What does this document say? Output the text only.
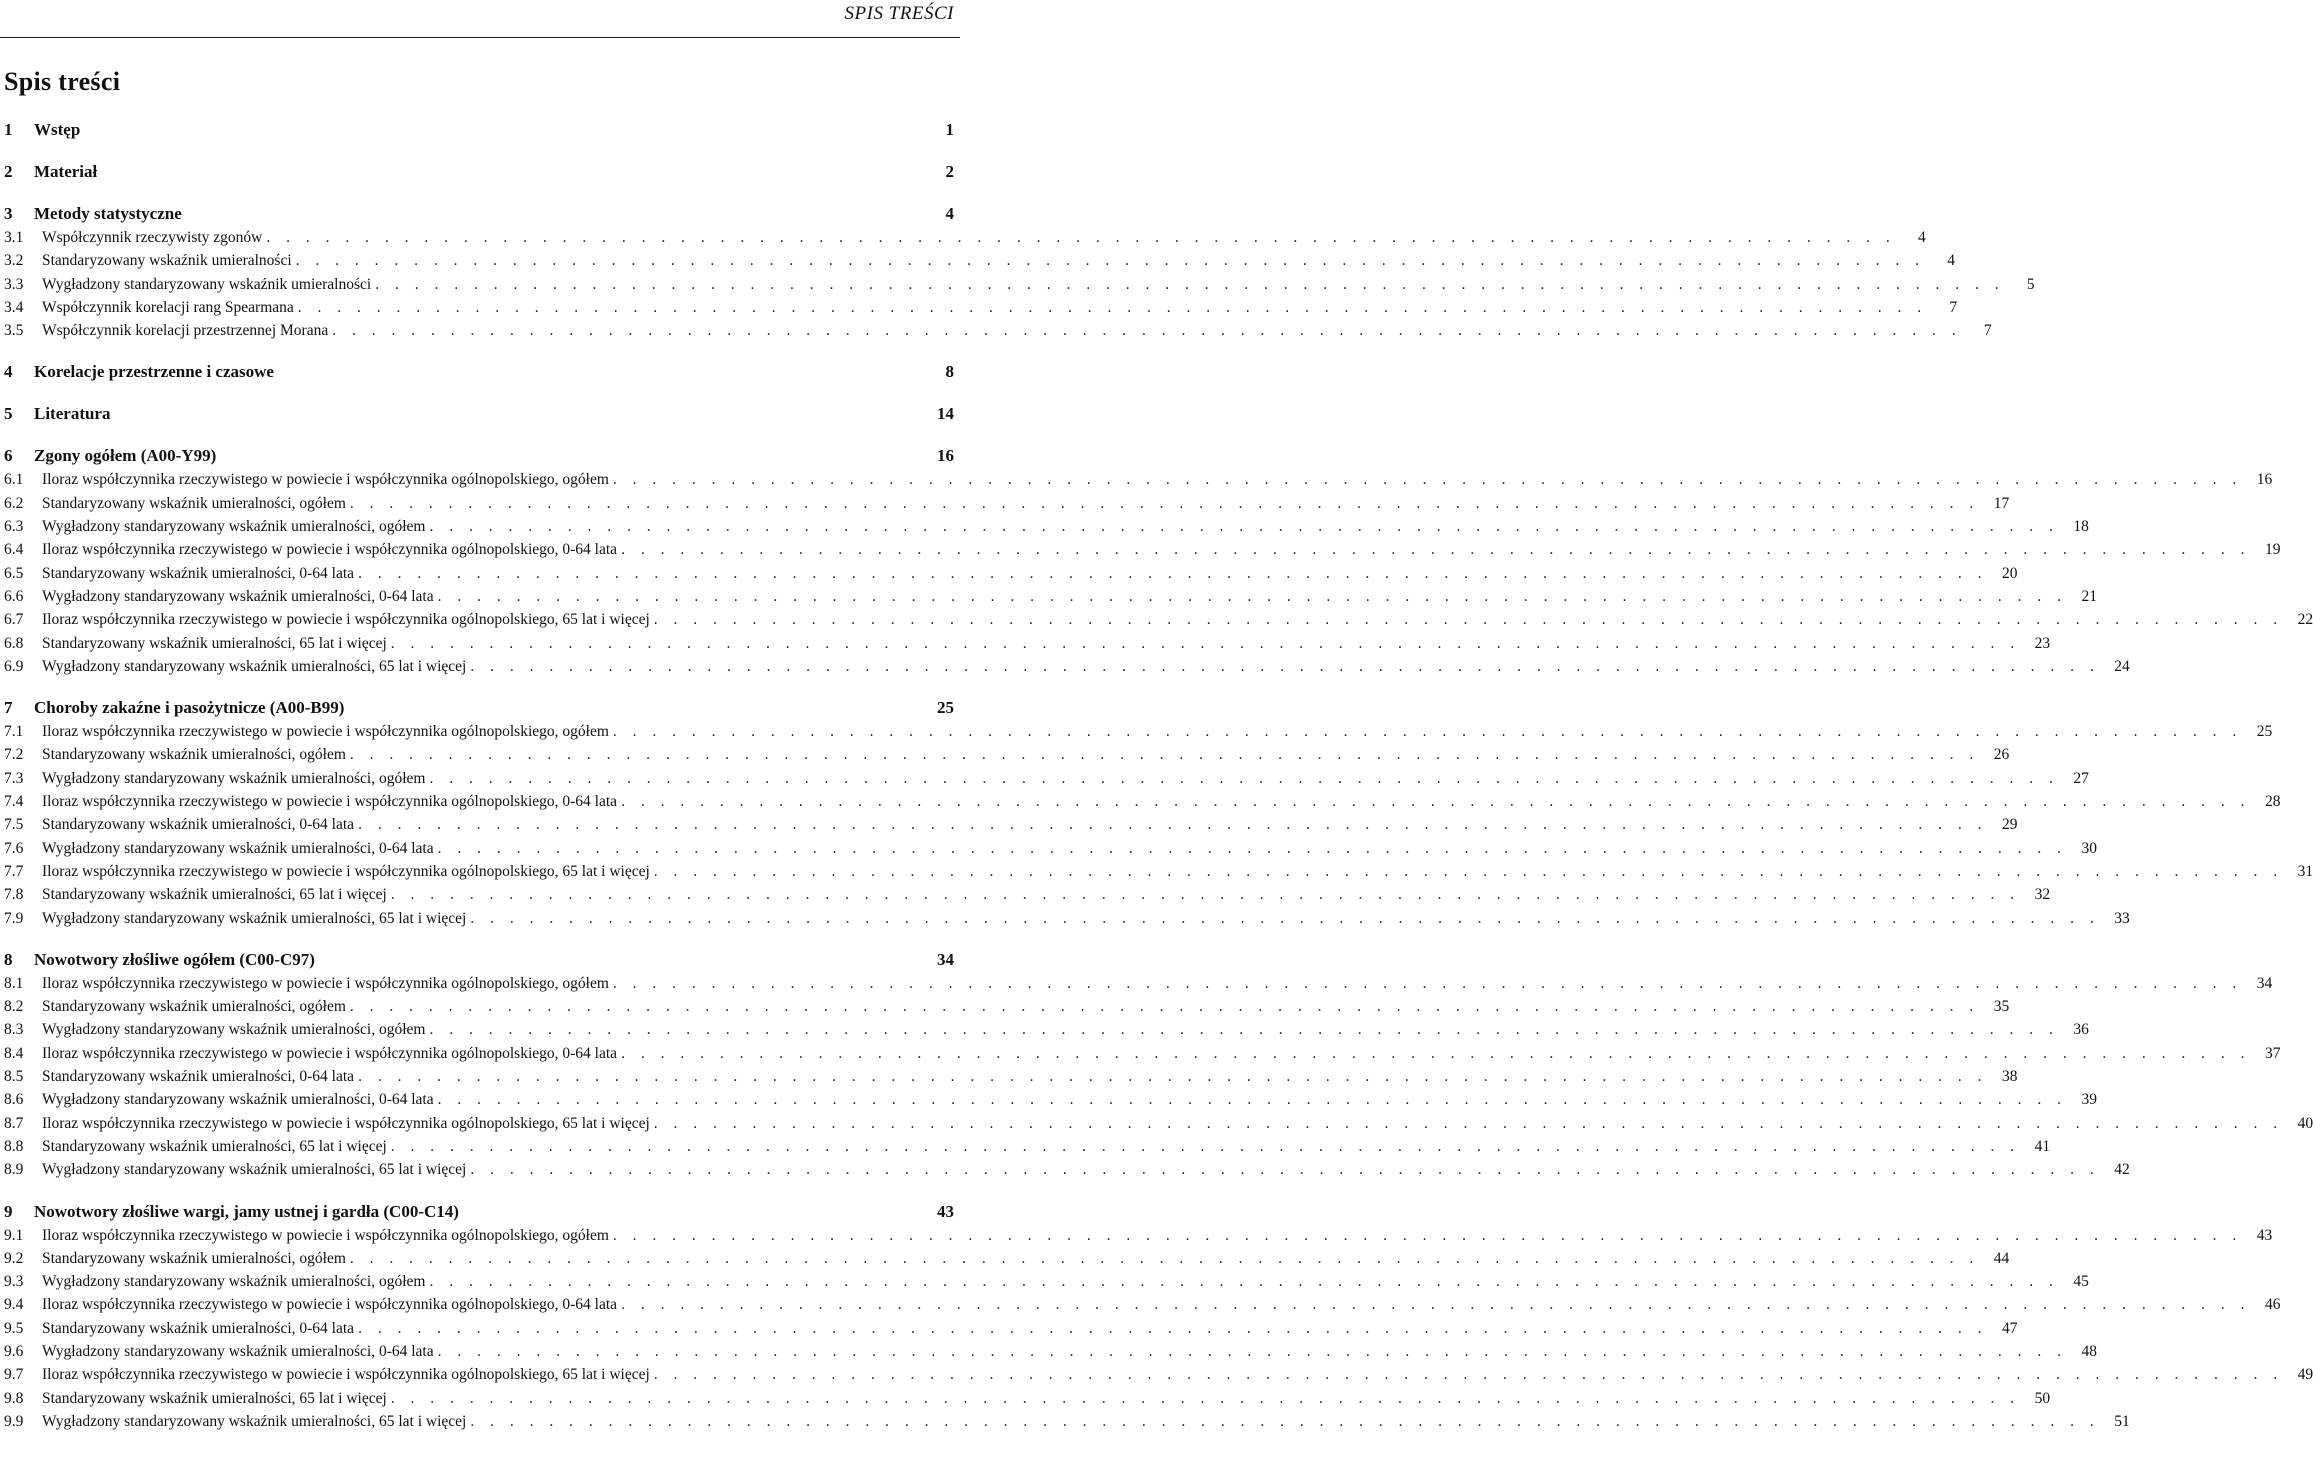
SPIS TREŚCI
Spis treści
1	Wstęp	1
2	Materiał	2
3	Metody statystyczne	4
3.1	Współczynnik rzeczywisty zgonów . . . . . . . . . . . . . . . . . . . . . . . . . . . . . . . . . . . . . . . . . . . . . . . . . . . . . . . . . . . . . . . . . . . . . . . . . . . . . . . . . . .	4
3.2	Standaryzowany wskaźnik umieralności . . . . . . . . . . . . . . . . . . . . . . . . . . . . . . . . . . . . . . . . . . . . . . . . . . . . . . . . . . . . . . . . . . . . . . . . . . . . . . . . . . .	4
3.3	Wygładzony standaryzowany wskaźnik umieralności . . . . . . . . . . . . . . . . . . . . . . . . . . . . . . . . . . . . . . . . . . . . . . . . . . . . . . . . . . . . . . . . . . . . . . . . . . . . . . . . . . .	5
3.4	Współczynnik korelacji rang Spearmana . . . . . . . . . . . . . . . . . . . . . . . . . . . . . . . . . . . . . . . . . . . . . . . . . . . . . . . . . . . . . . . . . . . . . . . . . . . . . . . . . . .	7
3.5	Współczynnik korelacji przestrzennej Morana . . . . . . . . . . . . . . . . . . . . . . . . . . . . . . . . . . . . . . . . . . . . . . . . . . . . . . . . . . . . . . . . . . . . . . . . . . . . . . . . . . .	7
4	Korelacje przestrzenne i czasowe	8
5	Literatura	14
6	Zgony ogółem (A00-Y99)	16
6.1	Iloraz współczynnika rzeczywistego w powiecie i współczynnika ogólnopolskiego, ogółem . . . . . . . . . . . . . . . . . . . . . . . . . . . . . . . . . . . . . . . . . . . . . . . . . . . . . . . . . . . . . . . . . . . . . . . . . . . . . . . . . . . 16
6.2	Standaryzowany wskaźnik umieralności, ogółem . . . . . . . . . . . . . . . . . . . . . . . . . . . . . . . . . . . . . . . . . . . . . . . . . . . . . . . . . . . . . . . . . . . . . . . . . . . . . . . . . . . 17
6.3	Wygładzony standaryzowany wskaźnik umieralności, ogółem . . . . . . . . . . . . . . . . . . . . . . . . . . . . . . . . . . . . . . . . . . . . . . . . . . . . . . . . . . . . . . . . . . . . . . . . . . . . . . . . . . . 18
6.4	Iloraz współczynnika rzeczywistego w powiecie i współczynnika ogólnopolskiego, 0-64 lata . . . . . . . . . . . . . . . . . . . . . . . . . . . . . . . . . . . . . . . . . . . . . . . . . . . . . . . . . . . . . . . . . . . . . . . . . . . . . . . . . . . 19
6.5	Standaryzowany wskaźnik umieralności, 0-64 lata . . . . . . . . . . . . . . . . . . . . . . . . . . . . . . . . . . . . . . . . . . . . . . . . . . . . . . . . . . . . . . . . . . . . . . . . . . . . . . . . . . . 20
6.6	Wygładzony standaryzowany wskaźnik umieralności, 0-64 lata . . . . . . . . . . . . . . . . . . . . . . . . . . . . . . . . . . . . . . . . . . . . . . . . . . . . . . . . . . . . . . . . . . . . . . . . . . . . . . . . . . . 21
6.7	Iloraz współczynnika rzeczywistego w powiecie i współczynnika ogólnopolskiego, 65 lat i więcej . . . . . . . . . . . . . . . . . . . . . . . . . . . . . . . . . . . . . . . . . . . . . . . . . . . . . . . . . . . . . . . . . . . . . . . . . . . . . . . . . . . 22
6.8	Standaryzowany wskaźnik umieralności, 65 lat i więcej . . . . . . . . . . . . . . . . . . . . . . . . . . . . . . . . . . . . . . . . . . . . . . . . . . . . . . . . . . . . . . . . . . . . . . . . . . . . . . . . . . . 23
6.9	Wygładzony standaryzowany wskaźnik umieralności, 65 lat i więcej . . . . . . . . . . . . . . . . . . . . . . . . . . . . . . . . . . . . . . . . . . . . . . . . . . . . . . . . . . . . . . . . . . . . . . . . . . . . . . . . . . . 24
7	Choroby zakaźne i pasożytnicze (A00-B99)	25
7.1	Iloraz współczynnika rzeczywistego w powiecie i współczynnika ogólnopolskiego, ogółem . . . . . . . . . . . . . . . . . . . . . . . . . . . . . . . . . . . . . . . . . . . . . . . . . . . . . . . . . . . . . . . . . . . . . . . . . . . . . . . . . . . 25
7.2	Standaryzowany wskaźnik umieralności, ogółem . . . . . . . . . . . . . . . . . . . . . . . . . . . . . . . . . . . . . . . . . . . . . . . . . . . . . . . . . . . . . . . . . . . . . . . . . . . . . . . . . . . 26
7.3	Wygładzony standaryzowany wskaźnik umieralności, ogółem . . . . . . . . . . . . . . . . . . . . . . . . . . . . . . . . . . . . . . . . . . . . . . . . . . . . . . . . . . . . . . . . . . . . . . . . . . . . . . . . . . . 27
7.4	Iloraz współczynnika rzeczywistego w powiecie i współczynnika ogólnopolskiego, 0-64 lata . . . . . . . . . . . . . . . . . . . . . . . . . . . . . . . . . . . . . . . . . . . . . . . . . . . . . . . . . . . . . . . . . . . . . . . . . . . . . . . . . . . 28
7.5	Standaryzowany wskaźnik umieralności, 0-64 lata . . . . . . . . . . . . . . . . . . . . . . . . . . . . . . . . . . . . . . . . . . . . . . . . . . . . . . . . . . . . . . . . . . . . . . . . . . . . . . . . . . . 29
7.6	Wygładzony standaryzowany wskaźnik umieralności, 0-64 lata . . . . . . . . . . . . . . . . . . . . . . . . . . . . . . . . . . . . . . . . . . . . . . . . . . . . . . . . . . . . . . . . . . . . . . . . . . . . . . . . . . . 30
7.7	Iloraz współczynnika rzeczywistego w powiecie i współczynnika ogólnopolskiego, 65 lat i więcej . . . . . . . . . . . . . . . . . . . . . . . . . . . . . . . . . . . . . . . . . . . . . . . . . . . . . . . . . . . . . . . . . . . . . . . . . . . . . . . . . . . 31
7.8	Standaryzowany wskaźnik umieralności, 65 lat i więcej . . . . . . . . . . . . . . . . . . . . . . . . . . . . . . . . . . . . . . . . . . . . . . . . . . . . . . . . . . . . . . . . . . . . . . . . . . . . . . . . . . . 32
7.9	Wygładzony standaryzowany wskaźnik umieralności, 65 lat i więcej . . . . . . . . . . . . . . . . . . . . . . . . . . . . . . . . . . . . . . . . . . . . . . . . . . . . . . . . . . . . . . . . . . . . . . . . . . . . . . . . . . . 33
8	Nowotwory złośliwe ogółem (C00-C97)	34
8.1	Iloraz współczynnika rzeczywistego w powiecie i współczynnika ogólnopolskiego, ogółem . . . . . . . . . . . . . . . . . . . . . . . . . . . . . . . . . . . . . . . . . . . . . . . . . . . . . . . . . . . . . . . . . . . . . . . . . . . . . . . . . . . 34
8.2	Standaryzowany wskaźnik umieralności, ogółem . . . . . . . . . . . . . . . . . . . . . . . . . . . . . . . . . . . . . . . . . . . . . . . . . . . . . . . . . . . . . . . . . . . . . . . . . . . . . . . . . . . 35
8.3	Wygładzony standaryzowany wskaźnik umieralności, ogółem . . . . . . . . . . . . . . . . . . . . . . . . . . . . . . . . . . . . . . . . . . . . . . . . . . . . . . . . . . . . . . . . . . . . . . . . . . . . . . . . . . . 36
8.4	Iloraz współczynnika rzeczywistego w powiecie i współczynnika ogólnopolskiego, 0-64 lata . . . . . . . . . . . . . . . . . . . . . . . . . . . . . . . . . . . . . . . . . . . . . . . . . . . . . . . . . . . . . . . . . . . . . . . . . . . . . . . . . . . 37
8.5	Standaryzowany wskaźnik umieralności, 0-64 lata . . . . . . . . . . . . . . . . . . . . . . . . . . . . . . . . . . . . . . . . . . . . . . . . . . . . . . . . . . . . . . . . . . . . . . . . . . . . . . . . . . . 38
8.6	Wygładzony standaryzowany wskaźnik umieralności, 0-64 lata . . . . . . . . . . . . . . . . . . . . . . . . . . . . . . . . . . . . . . . . . . . . . . . . . . . . . . . . . . . . . . . . . . . . . . . . . . . . . . . . . . . 39
8.7	Iloraz współczynnika rzeczywistego w powiecie i współczynnika ogólnopolskiego, 65 lat i więcej . . . . . . . . . . . . . . . . . . . . . . . . . . . . . . . . . . . . . . . . . . . . . . . . . . . . . . . . . . . . . . . . . . . . . . . . . . . . . . . . . . . 40
8.8	Standaryzowany wskaźnik umieralności, 65 lat i więcej . . . . . . . . . . . . . . . . . . . . . . . . . . . . . . . . . . . . . . . . . . . . . . . . . . . . . . . . . . . . . . . . . . . . . . . . . . . . . . . . . . . 41
8.9	Wygładzony standaryzowany wskaźnik umieralności, 65 lat i więcej . . . . . . . . . . . . . . . . . . . . . . . . . . . . . . . . . . . . . . . . . . . . . . . . . . . . . . . . . . . . . . . . . . . . . . . . . . . . . . . . . . . 42
9	Nowotwory złośliwe wargi, jamy ustnej i gardła (C00-C14)	43
9.1	Iloraz współczynnika rzeczywistego w powiecie i współczynnika ogólnopolskiego, ogółem . . . . . . . . . . . . . . . . . . . . . . . . . . . . . . . . . . . . . . . . . . . . . . . . . . . . . . . . . . . . . . . . . . . . . . . . . . . . . . . . . . . 43
9.2	Standaryzowany wskaźnik umieralności, ogółem . . . . . . . . . . . . . . . . . . . . . . . . . . . . . . . . . . . . . . . . . . . . . . . . . . . . . . . . . . . . . . . . . . . . . . . . . . . . . . . . . . . 44
9.3	Wygładzony standaryzowany wskaźnik umieralności, ogółem . . . . . . . . . . . . . . . . . . . . . . . . . . . . . . . . . . . . . . . . . . . . . . . . . . . . . . . . . . . . . . . . . . . . . . . . . . . . . . . . . . . 45
9.4	Iloraz współczynnika rzeczywistego w powiecie i współczynnika ogólnopolskiego, 0-64 lata . . . . . . . . . . . . . . . . . . . . . . . . . . . . . . . . . . . . . . . . . . . . . . . . . . . . . . . . . . . . . . . . . . . . . . . . . . . . . . . . . . . 46
9.5	Standaryzowany wskaźnik umieralności, 0-64 lata . . . . . . . . . . . . . . . . . . . . . . . . . . . . . . . . . . . . . . . . . . . . . . . . . . . . . . . . . . . . . . . . . . . . . . . . . . . . . . . . . . . 47
9.6	Wygładzony standaryzowany wskaźnik umieralności, 0-64 lata . . . . . . . . . . . . . . . . . . . . . . . . . . . . . . . . . . . . . . . . . . . . . . . . . . . . . . . . . . . . . . . . . . . . . . . . . . . . . . . . . . . 48
9.7	Iloraz współczynnika rzeczywistego w powiecie i współczynnika ogólnopolskiego, 65 lat i więcej . . . . . . . . . . . . . . . . . . . . . . . . . . . . . . . . . . . . . . . . . . . . . . . . . . . . . . . . . . . . . . . . . . . . . . . . . . . . . . . . . . . 49
9.8	Standaryzowany wskaźnik umieralności, 65 lat i więcej . . . . . . . . . . . . . . . . . . . . . . . . . . . . . . . . . . . . . . . . . . . . . . . . . . . . . . . . . . . . . . . . . . . . . . . . . . . . . . . . . . . 50
9.9	Wygładzony standaryzowany wskaźnik umieralności, 65 lat i więcej . . . . . . . . . . . . . . . . . . . . . . . . . . . . . . . . . . . . . . . . . . . . . . . . . . . . . . . . . . . . . . . . . . . . . . . . . . . . . . . . . . . 51
